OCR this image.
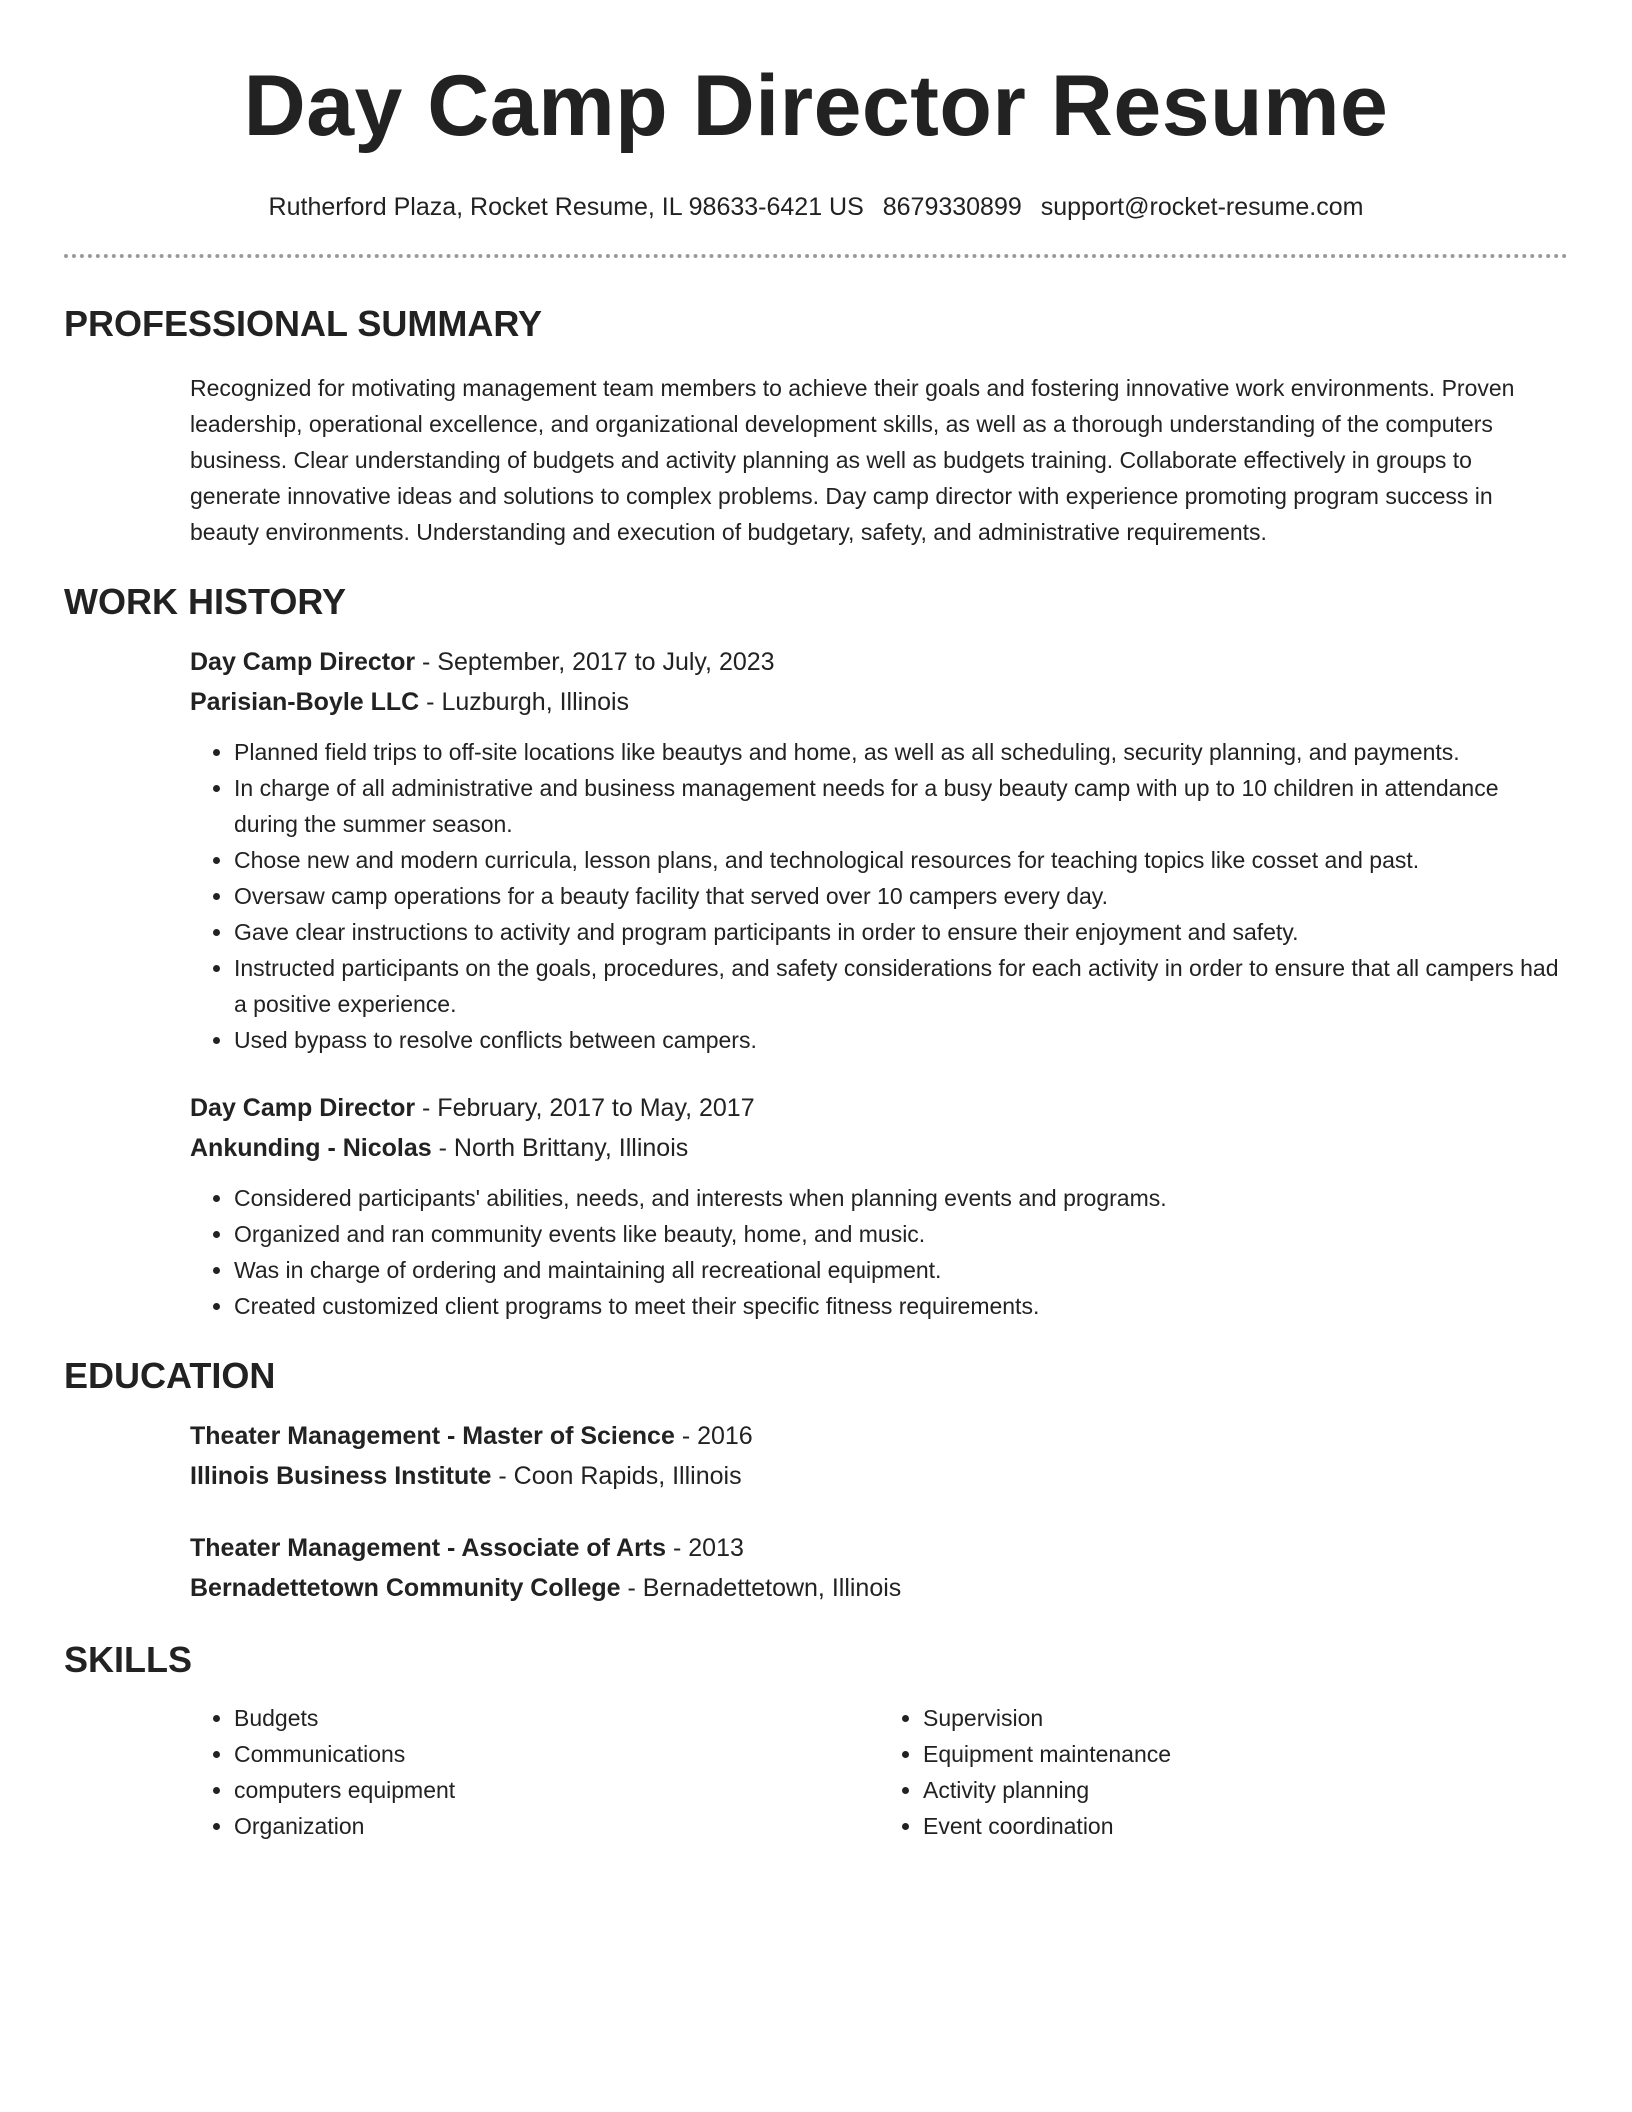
Day Camp Director Resume
Rutherford Plaza, Rocket Resume, IL 98633-6421 US 8679330899 support@rocket-resume.com
PROFESSIONAL SUMMARY

Recognized for motivating management team members to achieve their goals and fostering innovative work environments. Proven leadership, operational excellence, and organizational development skills, as well as a thorough understanding of the computers business. Clear understanding of budgets and activity planning as well as budgets training. Collaborate effectively in groups to generate innovative ideas and solutions to complex problems. Day camp director with experience promoting program success in beauty environments. Understanding and execution of budgetary, safety, and administrative requirements.

WORK HISTORY
Day Camp Director - September, 2017 to July, 2023
Parisian-Boyle LLC - Luzburgh, Illinois
• Planned field trips to off-site locations like beautys and home, as well as all scheduling, security planning, and payments.
• In charge of all administrative and business management needs for a busy beauty camp with up to 10 children in attendance during the summer season.
• Chose new and modern curricula, lesson plans, and technological resources for teaching topics like cosset and past.
• Oversaw camp operations for a beauty facility that served over 10 campers every day.
• Gave clear instructions to activity and program participants in order to ensure their enjoyment and safety.
• Instructed participants on the goals, procedures, and safety considerations for each activity in order to ensure that all campers had a positive experience.
• Used bypass to resolve conflicts between campers.
Day Camp Director - February, 2017 to May, 2017
Ankunding - Nicolas - North Brittany, Illinois
• Considered participants' abilities, needs, and interests when planning events and programs.
• Organized and ran community events like beauty, home, and music.
• Was in charge of ordering and maintaining all recreational equipment.
• Created customized client programs to meet their specific fitness requirements.
EDUCATION
Theater Management - Master of Science - 2016
Illinois Business Institute - Coon Rapids, Illinois
Theater Management - Associate of Arts - 2013
Bernadettetown Community College - Bernadettetown, Illinois
SKILLS
• Budgets
• Communications
• computers equipment
• Organization
• Supervision
• Equipment maintenance
• Activity planning
• Event coordination
